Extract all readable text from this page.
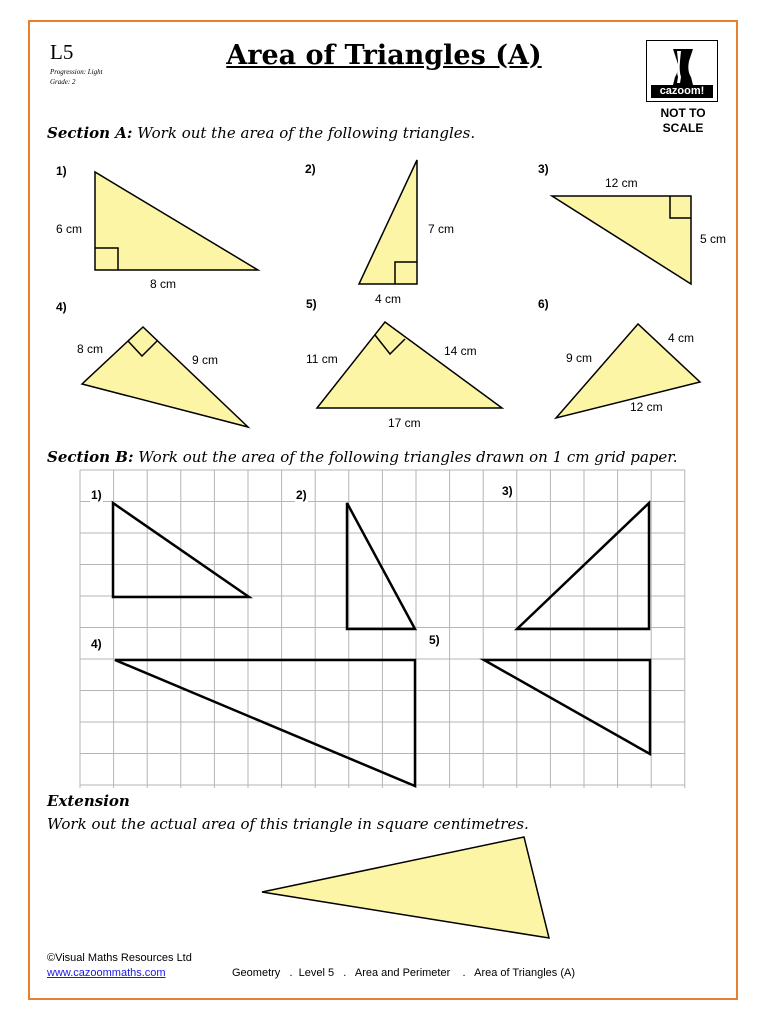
L5
Progression: Light
Grade: 2
Area of Triangles (A)
cazoom!
NOT TO
SCALE
Section A: Work out the area of the following triangles.
1)
6 cm
8 cm
2)
7 cm
4 cm
3)
12 cm
5 cm
4)
8 cm
9 cm
5)
11 cm
14 cm
17 cm
6)
4 cm
9 cm
12 cm
Section B: Work out the area of the following triangles drawn on 1 cm grid paper.
1)	2)	3)
4)	5)
Extension
Work out the actual area of this triangle in square centimetres.
©Visual Maths Resources Ltd
www.cazoommaths.com	Geometry   .  Level 5   .   Area and Perimeter    .   Area of Triangles (A)
